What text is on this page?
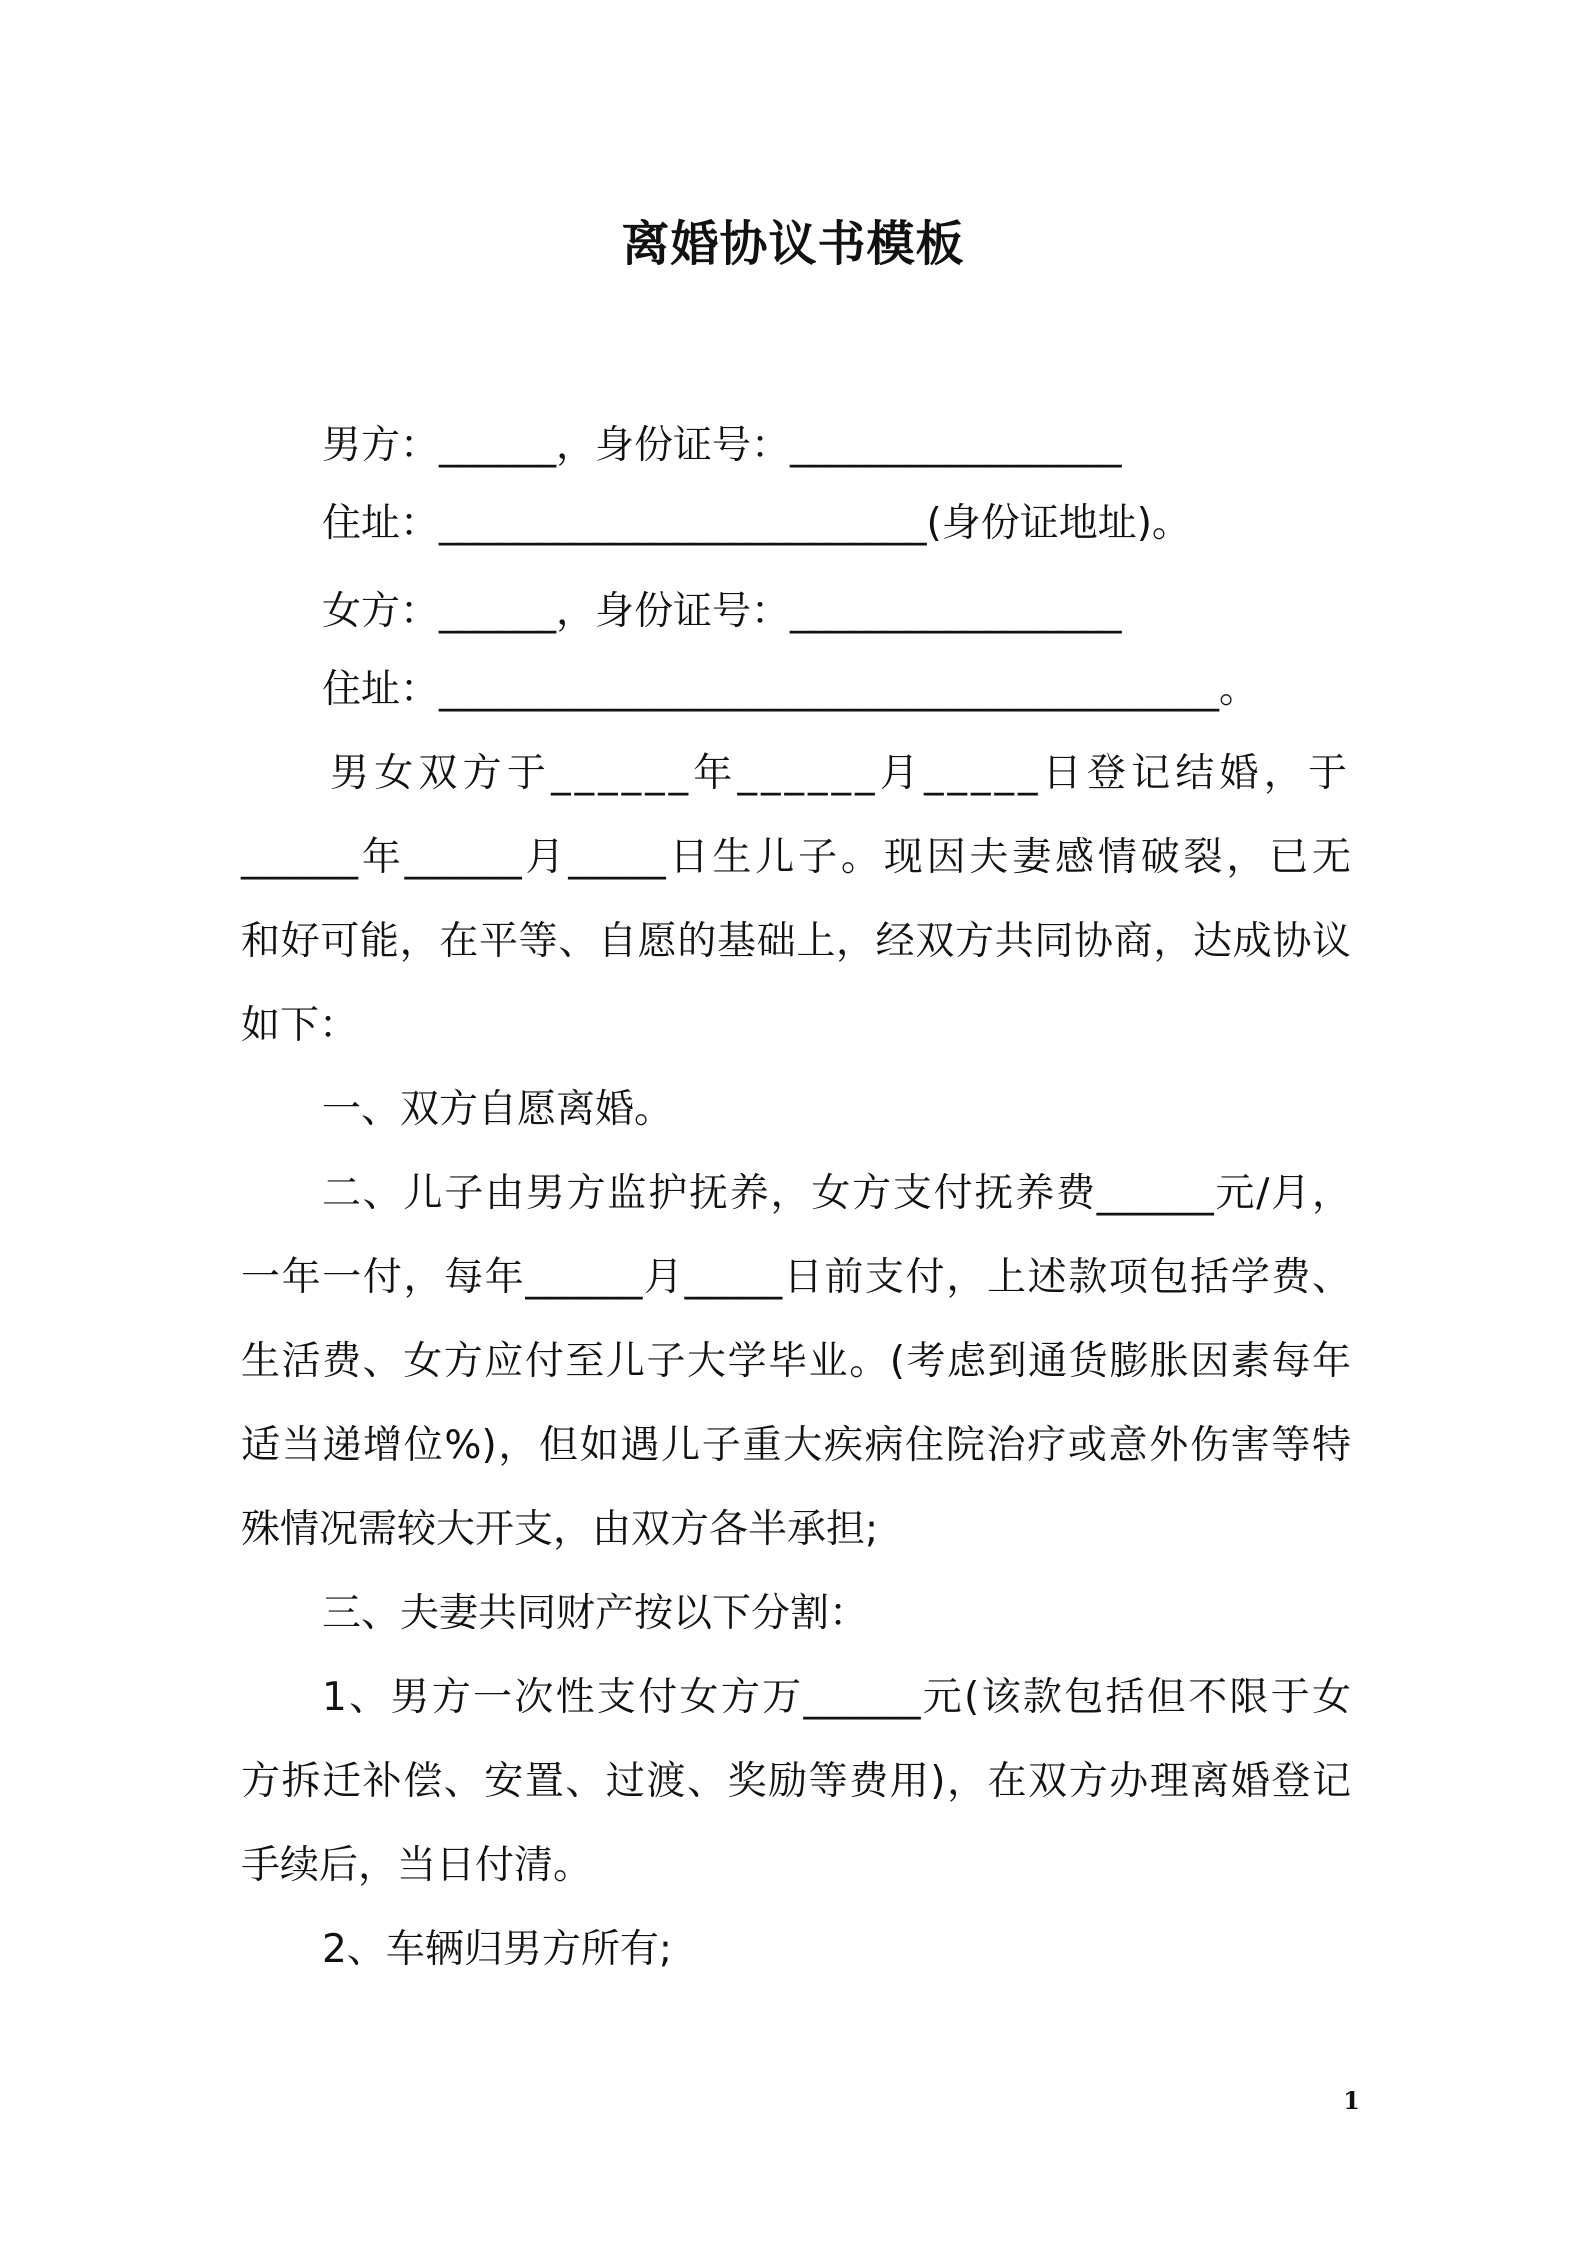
离婚协议书模板
男方：______，身份证号：_________________
住址：_________________________(身份证地址)。
女方：______，身份证号：_________________
住址：________________________________________。
男女双方于______年______月_____日登记结婚，于
______年______月_____日生儿子。现因夫妻感情破裂，已无
和好可能，在平等、自愿的基础上，经双方共同协商，达成协议
如下：
一、双方自愿离婚。
二、儿子由男方监护抚养，女方支付抚养费______元/月，
一年一付，每年______月_____日前支付，上述款项包括学费、
生活费、女方应付至儿子大学毕业。(考虑到通货膨胀因素每年
适当递增位%)，但如遇儿子重大疾病住院治疗或意外伤害等特
殊情况需较大开支，由双方各半承担;
三、夫妻共同财产按以下分割：
1、男方一次性支付女方万______元(该款包括但不限于女
方拆迁补偿、安置、过渡、奖励等费用)，在双方办理离婚登记
手续后，当日付清。
2、车辆归男方所有;
1
